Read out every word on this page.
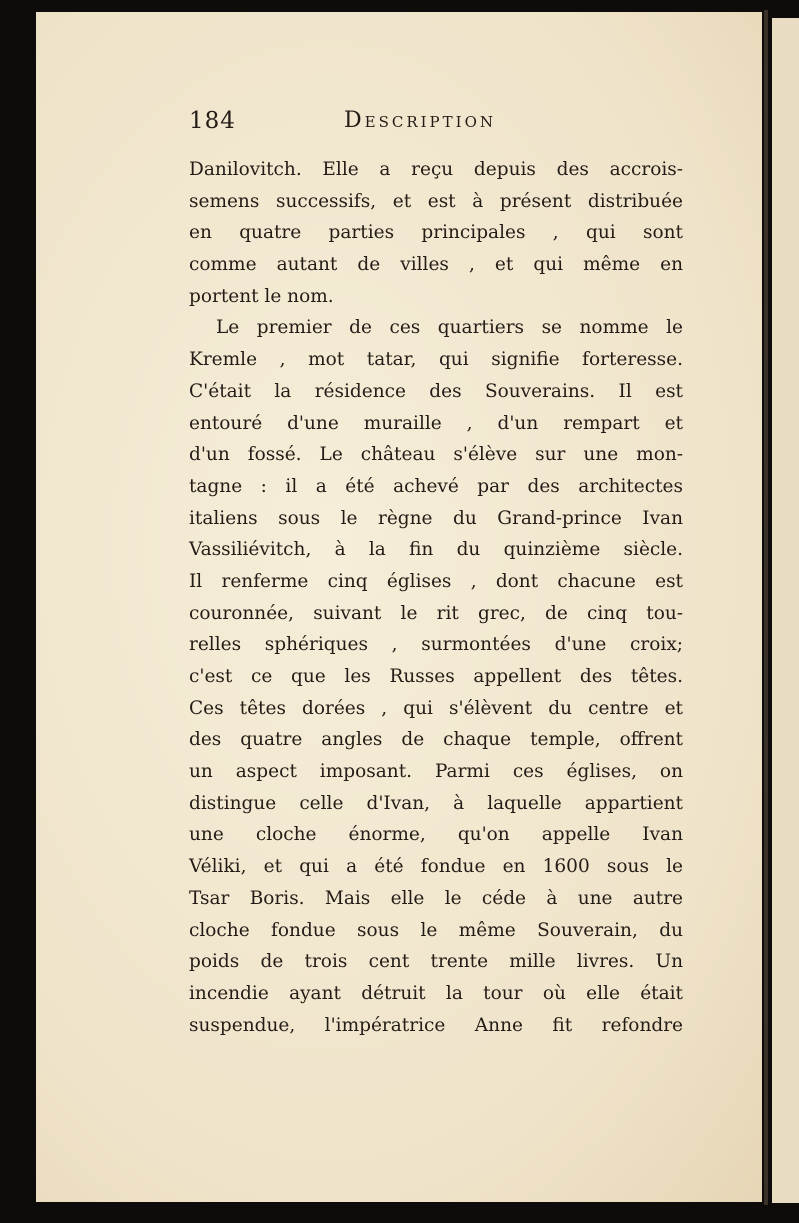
184	Description
Danilovitch. Elle a reçu depuis des accrois-
semens successifs, et est à présent distribuée
en quatre parties principales , qui sont
comme autant de villes , et qui même en
portent le nom.
Le premier de ces quartiers se nomme le
Kremle , mot tatar, qui signifie forteresse.
C'était la résidence des Souverains. Il est
entouré d'une muraille , d'un rempart et
d'un fossé. Le château s'élève sur une mon-
tagne : il a été achevé par des architectes
italiens sous le règne du Grand-prince Ivan
Vassiliévitch, à la fin du quinzième siècle.
Il renferme cinq églises , dont chacune est
couronnée, suivant le rit grec, de cinq tou-
relles sphériques , surmontées d'une croix;
c'est ce que les Russes appellent des têtes.
Ces têtes dorées , qui s'élèvent du centre et
des quatre angles de chaque temple, offrent
un aspect imposant. Parmi ces églises, on
distingue celle d'Ivan, à laquelle appartient
une cloche énorme, qu'on appelle Ivan
Véliki, et qui a été fondue en 1600 sous le
Tsar Boris. Mais elle le céde à une autre
cloche fondue sous le même Souverain, du
poids de trois cent trente mille livres. Un
incendie ayant détruit la tour où elle était
suspendue, l'impératrice Anne fit refondre
